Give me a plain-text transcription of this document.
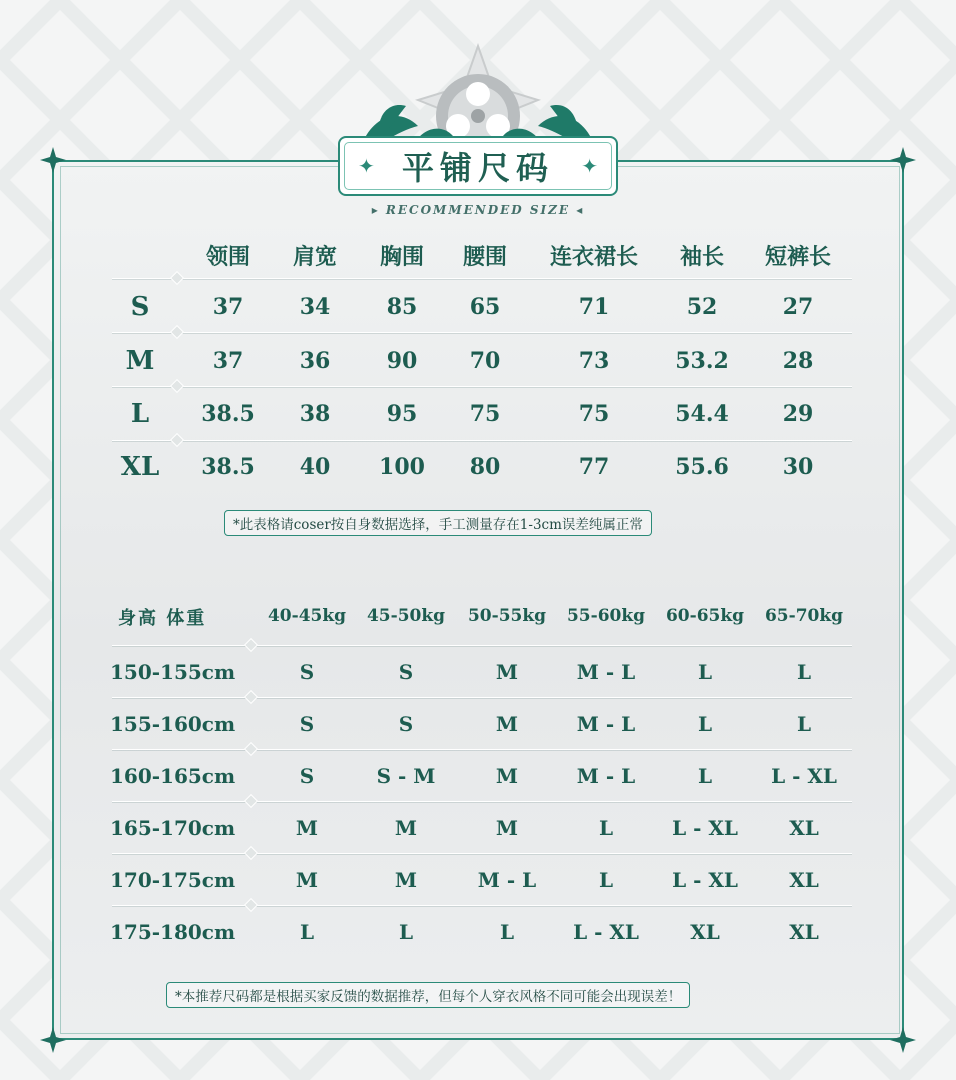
✦ 平铺尺码 ✦
▸ RECOMMENDED SIZE ◂
领围 肩宽 胸围 腰围 连衣裙长 袖长 短裤长
S	37	34	85 65	71	52	27
M	37	36	90 70	73	53.2 28
L 38.5 38	95 75	75	54.4 29
XL 38.5 40 100 80	77	55.6 30
*此表格请coser按自身数据选择，手工测量存在1-3cm误差纯属正常
身高 体重	40-45kg 45-50kg 50-55kg 55-60kg 60-65kg 65-70kg
150-155cm	S	S	M	M - L	L	L
155-160cm	S	S	M	M - L	L	L
160-165cm	S	S - M	M	M - L	L	L - XL
165-170cm	M	M	M	L	L - XL	XL
170-175cm	M	M	M - L	L	L - XL	XL
175-180cm	L	L	L	L - XL	XL	XL
*本推荐尺码都是根据买家反馈的数据推荐，但每个人穿衣风格不同可能会出现误差！
